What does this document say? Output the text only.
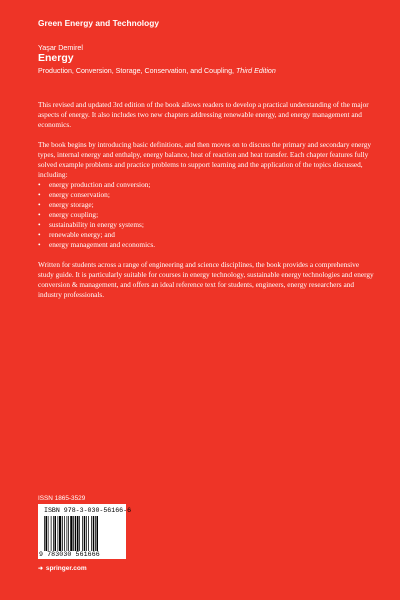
Green Energy and Technology
Yaşar Demirel
Energy
Production, Conversion, Storage, Conservation, and Coupling, Third Edition

This revised and updated 3rd edition of the book allows readers to develop a practical understanding of the major aspects of energy. It also includes two new chapters addressing renewable energy, and energy management and economics.

The book begins by introducing basic definitions, and then moves on to discuss the primary and secondary energy types, internal energy and enthalpy, energy balance, heat of reaction and heat transfer. Each chapter features fully solved example problems and practice problems to support learning and the application of the topics discussed, including:

• energy production and conversion;
• energy conservation;
• energy storage;
• energy coupling;
• sustainability in energy systems;
• renewable energy; and
• energy management and economics.

Written for students across a range of engineering and science disciplines, the book provides a comprehensive study guide. It is particularly suitable for courses in energy technology, sustainable energy technologies and energy conversion & management, and offers an ideal reference text for students, engineers, energy researchers and industry professionals.

ISSN 1865-3529
ISBN 978-3-030-56166-6
9 783030 561666
➜ springer.com
